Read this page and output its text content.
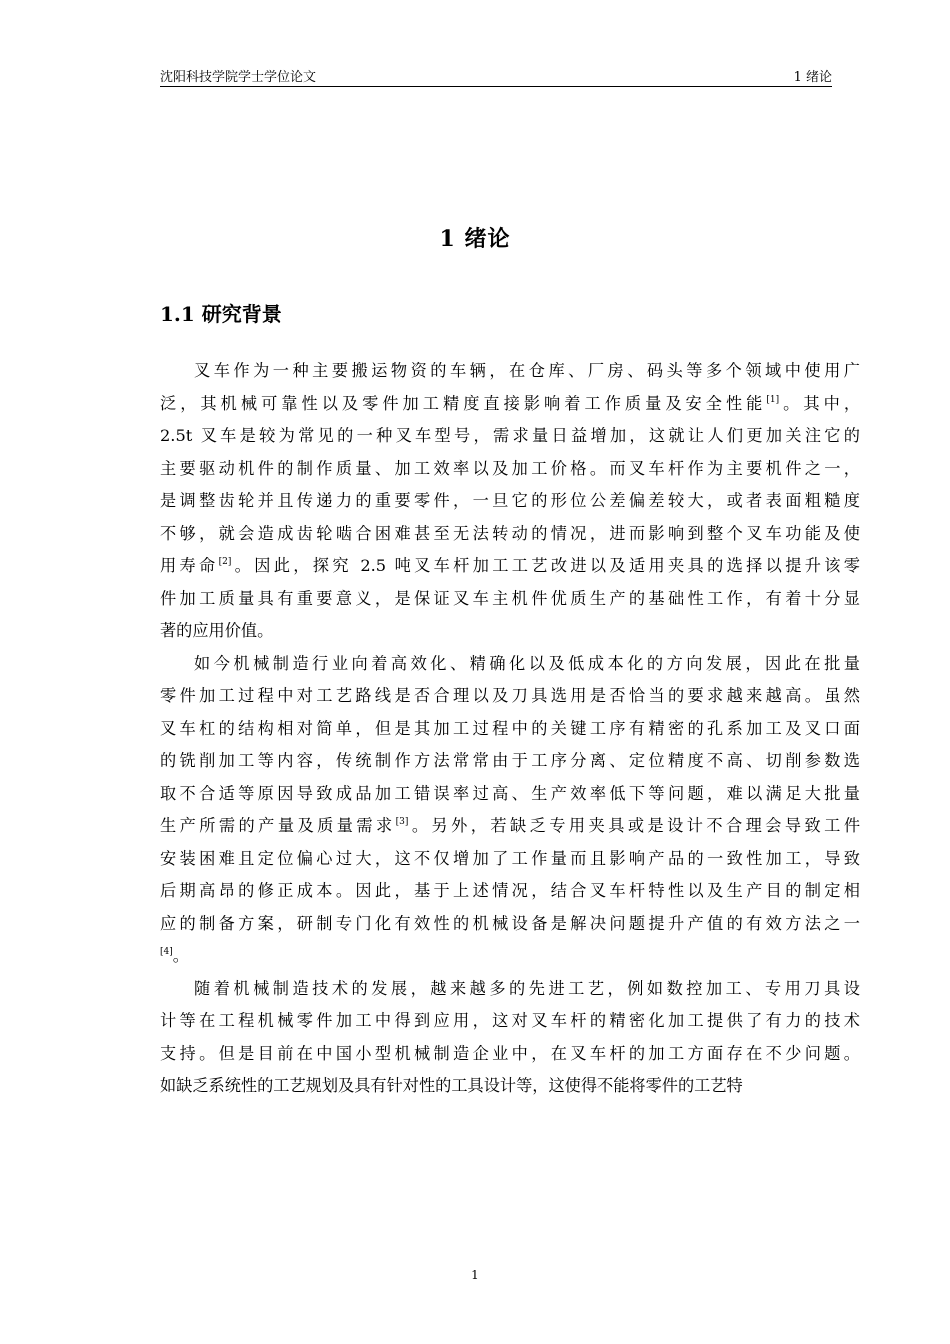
沈阳科技学院学士学位论文	1 绪论
1 绪论
1.1 研究背景
叉车作为一种主要搬运物资的车辆，在仓库、厂房、码头等多个领域中使用广
泛，其机械可靠性以及零件加工精度直接影响着工作质量及安全性能[1]。其中，
2.5t 叉车是较为常见的一种叉车型号，需求量日益增加，这就让人们更加关注它的
主要驱动机件的制作质量、加工效率以及加工价格。而叉车杆作为主要机件之一，
是调整齿轮并且传递力的重要零件，一旦它的形位公差偏差较大，或者表面粗糙度
不够，就会造成齿轮啮合困难甚至无法转动的情况，进而影响到整个叉车功能及使
用寿命[2]。因此，探究 2.5 吨叉车杆加工工艺改进以及适用夹具的选择以提升该零
件加工质量具有重要意义，是保证叉车主机件优质生产的基础性工作，有着十分显
著的应用价值。
如今机械制造行业向着高效化、精确化以及低成本化的方向发展，因此在批量
零件加工过程中对工艺路线是否合理以及刀具选用是否恰当的要求越来越高。虽然
叉车杠的结构相对简单，但是其加工过程中的关键工序有精密的孔系加工及叉口面
的铣削加工等内容，传统制作方法常常由于工序分离、定位精度不高、切削参数选
取不合适等原因导致成品加工错误率过高、生产效率低下等问题，难以满足大批量
生产所需的产量及质量需求[3]。另外，若缺乏专用夹具或是设计不合理会导致工件
安装困难且定位偏心过大，这不仅增加了工作量而且影响产品的一致性加工，导致
后期高昂的修正成本。因此，基于上述情况，结合叉车杆特性以及生产目的制定相
应的制备方案，研制专门化有效性的机械设备是解决问题提升产值的有效方法之一
[4]。
随着机械制造技术的发展，越来越多的先进工艺，例如数控加工、专用刀具设
计等在工程机械零件加工中得到应用，这对叉车杆的精密化加工提供了有力的技术
支持。但是目前在中国小型机械制造企业中，在叉车杆的加工方面存在不少问题。
如缺乏系统性的工艺规划及具有针对性的工具设计等，这使得不能将零件的工艺特
1
